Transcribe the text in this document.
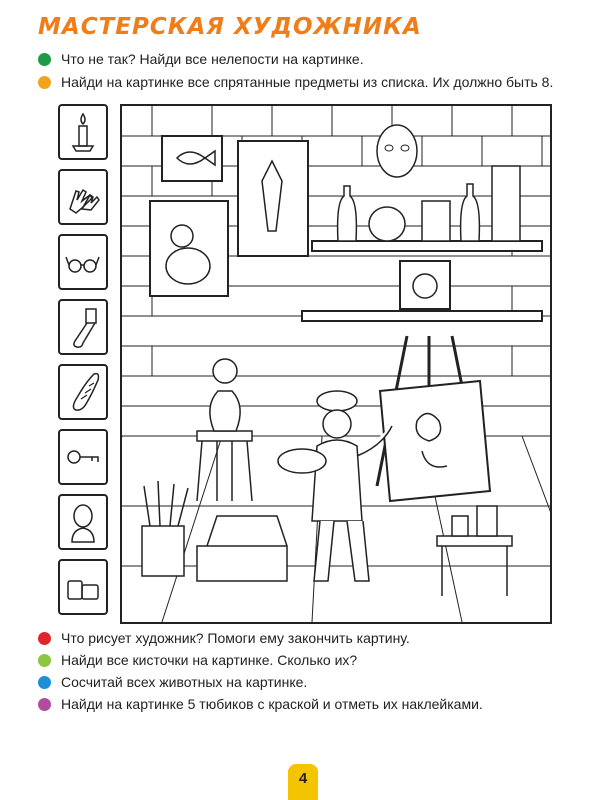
МАСТЕРСКАЯ ХУДОЖНИКА
Что не так? Найди все нелепости на картинке.
Найди на картинке все спрятанные предметы из списка. Их должно быть 8.
Что рисует художник? Помоги ему закончить картину.
Найди все кисточки на картинке. Сколько их?
Сосчитай всех животных на картинке.
Найди на картинке 5 тюбиков с краской и отметь их наклейками.
4
